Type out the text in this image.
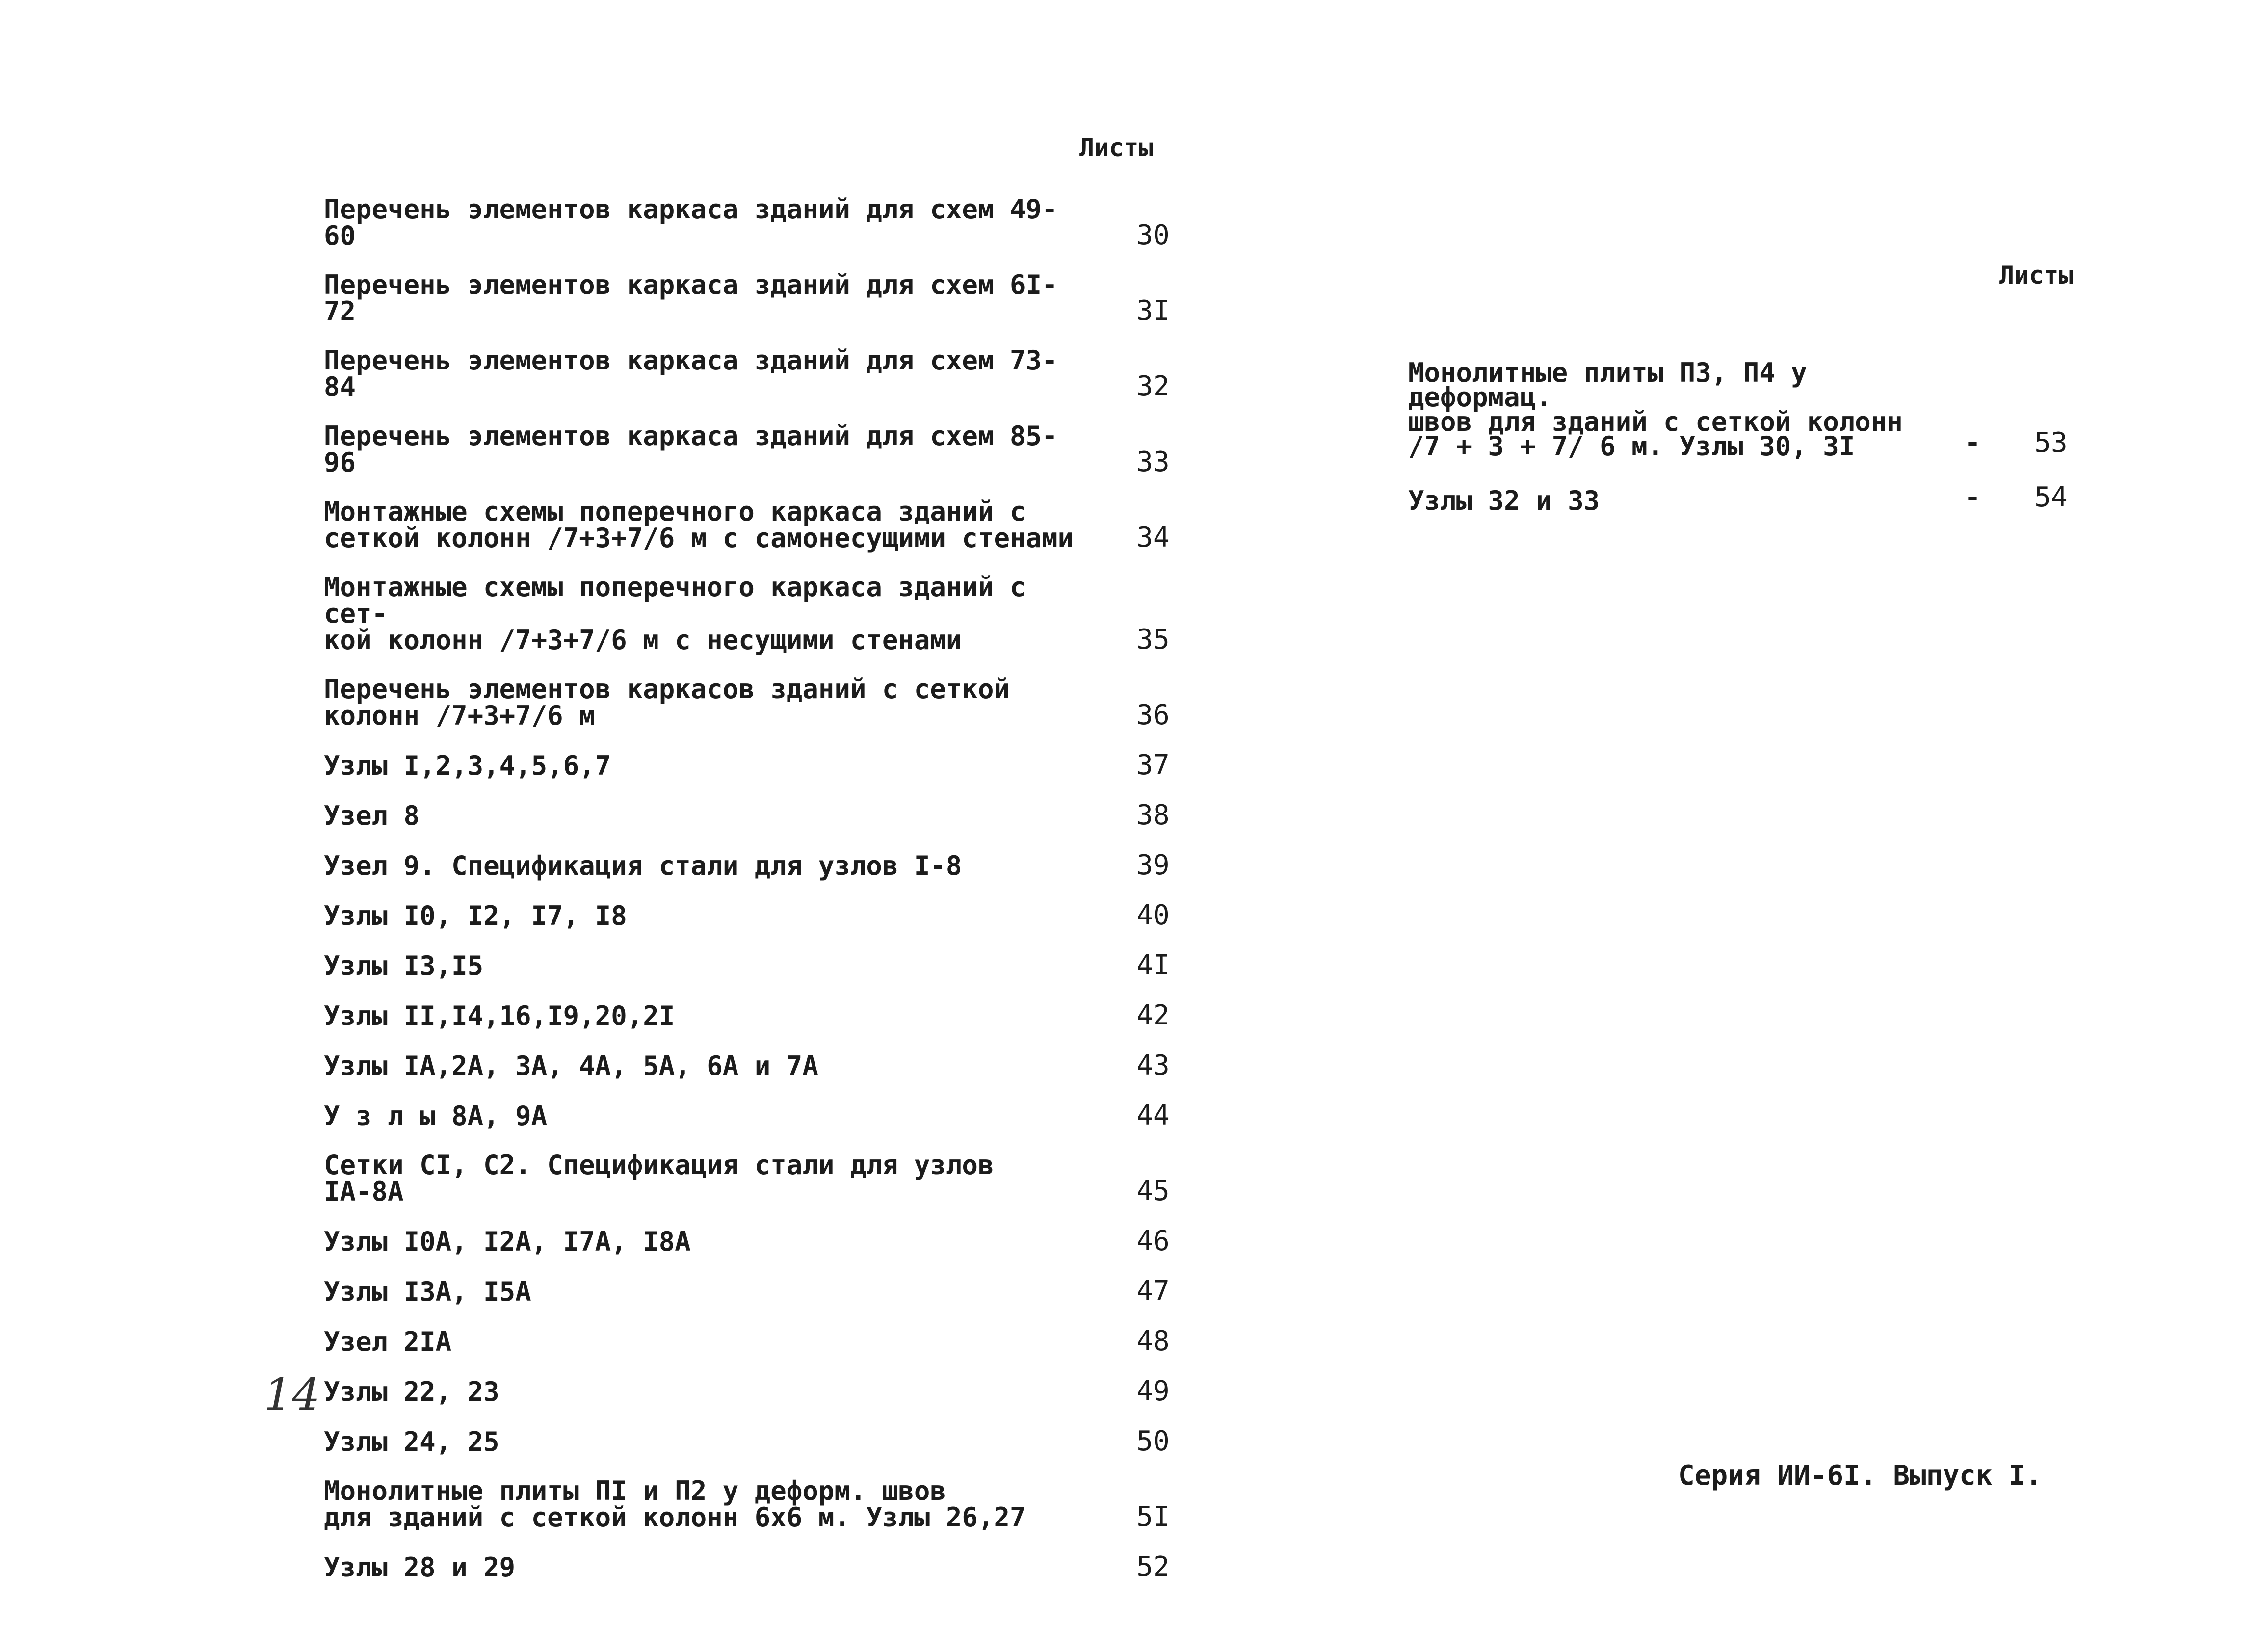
Листы
Перечень элементов каркаса зданий для схем 49-60	30
Перечень элементов каркаса зданий для схем 6I-72	3I
Перечень элементов каркаса зданий для схем 73-84	32
Перечень элементов каркаса зданий для схем 85-96	33
Монтажные схемы поперечного каркаса зданий с
сеткой колонн /7+3+7/6 м с самонесущими стенами	34
Монтажные схемы поперечного каркаса зданий с сет-
кой колонн /7+3+7/6 м с несущими стенами	35
Перечень элементов каркасов зданий с сеткой
колонн /7+3+7/6 м	36
Узлы I,2,3,4,5,6,7	37
Узел 8	38
Узел 9. Спецификация стали для узлов I-8	39
Узлы I0, I2, I7, I8	40
Узлы I3,I5	4I
Узлы II,I4,16,I9,20,2I	42
Узлы IA,2A, 3A, 4A, 5A, 6A и 7A	43
У з л ы 8A, 9A	44
Сетки CI, C2. Спецификация стали для узлов
IA-8A	45
Узлы I0A, I2A, I7A, I8A	46
Узлы I3A, I5A	47
Узел 2IA	48
Узлы 22, 23	49
Узлы 24, 25	50
Монолитные плиты ПI и П2 у деформ. швов
для зданий с сеткой колонн 6x6 м. Узлы 26,27	5I
Узлы 28 и 29	52
Листы
Монолитные плиты П3, П4 у деформац.
швов для зданий с сеткой колонн
/7 + 3 + 7/ 6 м. Узлы 30, 3I	-	53
Узлы 32 и 33	-	54
14
Серия ИИ-6I. Выпуск I.
